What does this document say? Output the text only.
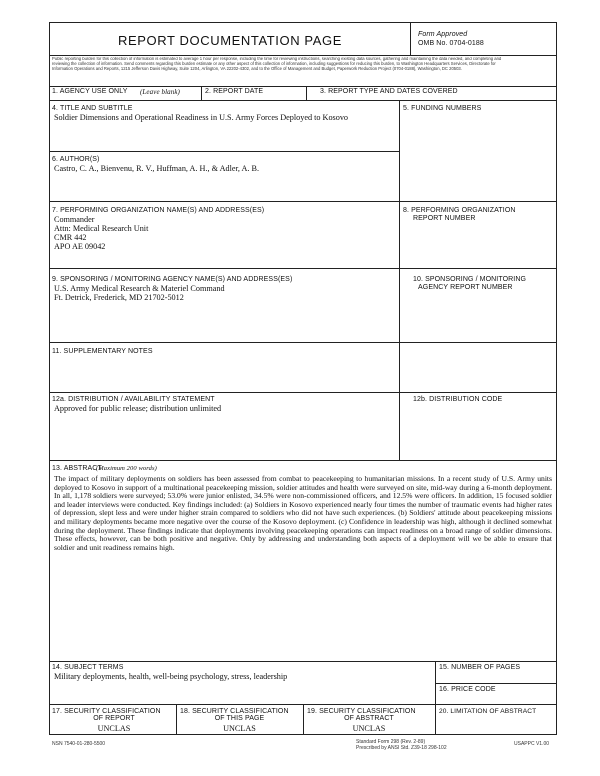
REPORT DOCUMENTATION PAGE	Form Approved
OMB No. 0704-0188
Public reporting burden for this collection of information is estimated to average 1 hour per response, including the time for reviewing instructions, searching existing data sources, gathering and maintaining the data needed, and completing and reviewing the collection of information. Send comments regarding this burden estimate or any other aspect of this collection of information, including suggestions for reducing this burden, to Washington Headquarters Services, Directorate for Information Operations and Reports, 1215 Jefferson Davis Highway, Suite 1204, Arlington, VA 22202-4302, and to the Office of Management and Budget, Paperwork Reduction Project (0704-0188), Washington, DC 20503.
1. AGENCY USE ONLY (Leave blank)	2. REPORT DATE	3. REPORT TYPE AND DATES COVERED
4. TITLE AND SUBTITLE
Soldier Dimensions and Operational Readiness in U.S. Army Forces Deployed to Kosovo
5. FUNDING NUMBERS
6. AUTHOR(S)
Castro, C. A., Bienvenu, R. V., Huffman, A. H., & Adler, A. B.
7. PERFORMING ORGANIZATION NAME(S) AND ADDRESS(ES)
Commander
Attn: Medical Research Unit
CMR 442
APO AE 09042
8. PERFORMING ORGANIZATION
REPORT NUMBER
9. SPONSORING / MONITORING AGENCY NAME(S) AND ADDRESS(ES)
U.S. Army Medical Research & Materiel Command
Ft. Detrick, Frederick, MD 21702-5012
10. SPONSORING / MONITORING
AGENCY REPORT NUMBER
11. SUPPLEMENTARY NOTES
12a. DISTRIBUTION / AVAILABILITY STATEMENT
Approved for public release; distribution unlimited
12b. DISTRIBUTION CODE
13. ABSTRACT
(Maximum 200 words)
The impact of military deployments on soldiers has been assessed from combat to peacekeeping to humanitarian missions. In a recent study of U.S. Army units deployed to Kosovo in support of a multinational peacekeeping mission, soldier attitudes and health were surveyed on site, mid-way during a 6-month deployment. In all, 1,178 soldiers were surveyed; 53.0% were junior enlisted, 34.5% were non-commissioned officers, and 12.5% were officers. In addition, 15 focused soldier and leader interviews were conducted. Key findings included: (a) Soldiers in Kosovo experienced nearly four times the number of traumatic events had higher rates of depression, slept less and were under higher strain compared to soldiers who did not have such experiences. (b) Soldiers' attitude about peacekeeping missions and military deployments became more negative over the course of the Kosovo deployment. (c) Confidence in leadership was high, although it declined somewhat during the deployment. These findings indicate that deployments involving peacekeeping operations can impact readiness on a broad range of soldier dimensions. These effects, however, can be both positive and negative. Only by addressing and understanding both aspects of a deployment will we be able to ensure that soldier and unit readiness remains high.
14. SUBJECT TERMS
Military deployments, health, well-being psychology, stress, leadership
15. NUMBER OF PAGES
16. PRICE CODE
17. SECURITY CLASSIFICATION
OF REPORT
UNCLAS
18. SECURITY CLASSIFICATION
OF THIS PAGE
UNCLAS
19. SECURITY CLASSIFICATION
OF ABSTRACT
UNCLAS
20. LIMITATION OF ABSTRACT
NSN 7540-01-280-5500	Standard Form 298 (Rev. 2-89)
Prescribed by ANSI Std. Z39-18 298-102
USAPPC V1.00
